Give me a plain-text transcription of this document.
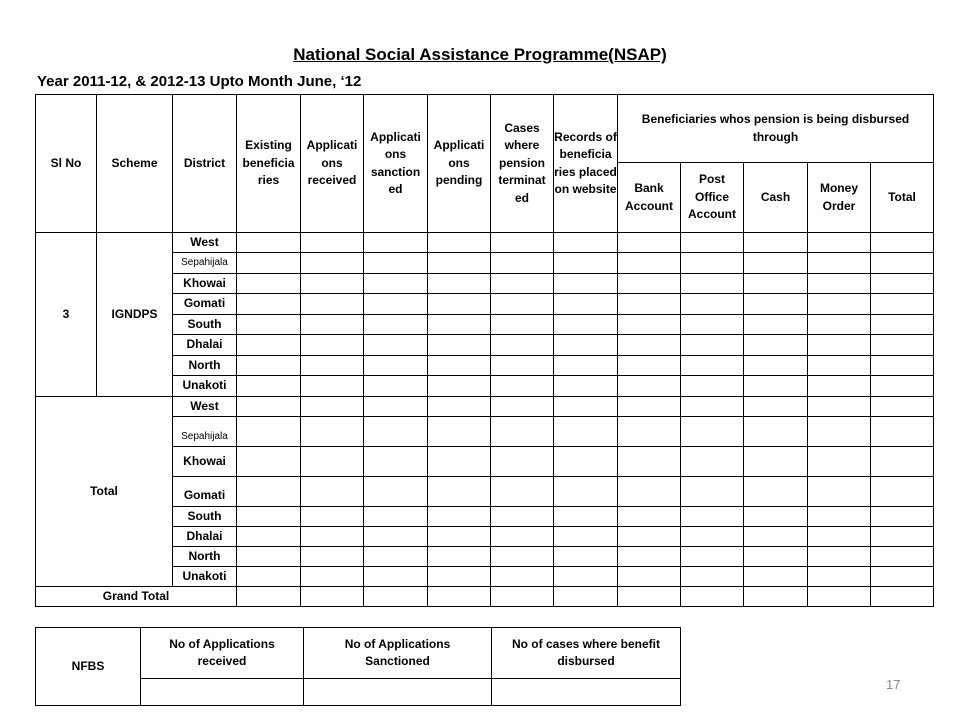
National Social Assistance Programme(NSAP)
Year 2011-12, & 2012-13 Upto Month June, ‘12
Sl No	Scheme	District	Existing beneficia ries	Applicati ons received	Applicati ons sanction ed	Applicati ons pending	Cases where pension terminat ed	Records of beneficia ries placed on website	Beneficiaries whos pension is being disbursed through				
									Bank Account	Post Office Account	Cash	Money Order	Total
3	IGNDPS	West											
		Sepahijala											
		Khowai											
		Gomati											
		South											
		Dhalai											
		North											
		Unakoti											
Total		West											
		Sepahijala											
		Khowai											
		Gomati											
		South											
		Dhalai											
		North											
		Unakoti											
Grand Total													
NFBS	No of Applications received	No of Applications Sanctioned	No of cases where benefit disbursed

17
